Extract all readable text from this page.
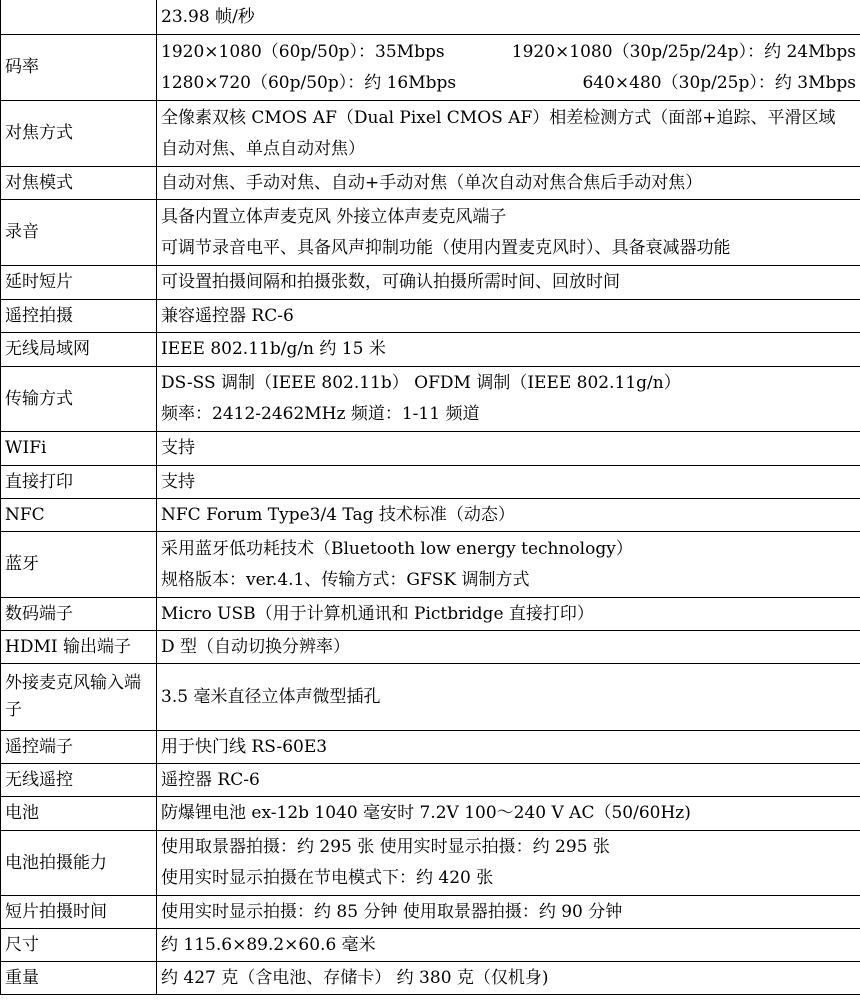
	23.98 帧/秒

码率	1920×1080（60p/50p）：35Mbps 1920×1080（30p/25p/24p）：约 24Mbps
1280×720（60p/50p）：约 16Mbps 640×480（30p/25p）：约 3Mbps

对焦方式	全像素双核 CMOS AF（Dual Pixel CMOS AF）相差检测方式（面部+追踪、平滑区域
自动对焦、单点自动对焦）

对焦模式	自动对焦、手动对焦、自动+手动对焦（单次自动对焦合焦后手动对焦）

录音	具备内置立体声麦克风 外接立体声麦克风端子
可调节录音电平、具备风声抑制功能（使用内置麦克风时）、具备衰减器功能

延时短片	可设置拍摄间隔和拍摄张数，可确认拍摄所需时间、回放时间

遥控拍摄	兼容遥控器 RC-6

无线局域网	IEEE 802.11b/g/n 约 15 米

传输方式	DS-SS 调制（IEEE 802.11b） OFDM 调制（IEEE 802.11g/n）
频率：2412-2462MHz 频道：1-11 频道

WIFi	支持

直接打印	支持

NFC	NFC Forum Type3/4 Tag 技术标准（动态）

蓝牙	采用蓝牙低功耗技术（Bluetooth low energy technology）
规格版本：ver.4.1、传输方式：GFSK 调制方式

数码端子	Micro USB（用于计算机通讯和 Pictbridge 直接打印）

HDMI 输出端子	D 型（自动切换分辨率）

外接麦克风输入端子	3.5 毫米直径立体声微型插孔

遥控端子	用于快门线 RS-60E3

无线遥控	遥控器 RC-6

电池	防爆锂电池 ex-12b 1040 毫安时 7.2V 100～240 V AC（50/60Hz)

电池拍摄能力	使用取景器拍摄：约 295 张 使用实时显示拍摄：约 295 张
使用实时显示拍摄在节电模式下：约 420 张

短片拍摄时间	使用实时显示拍摄：约 85 分钟 使用取景器拍摄：约 90 分钟

尺寸	约 115.6×89.2×60.6 毫米

重量	约 427 克（含电池、存储卡） 约 380 克（仅机身)
